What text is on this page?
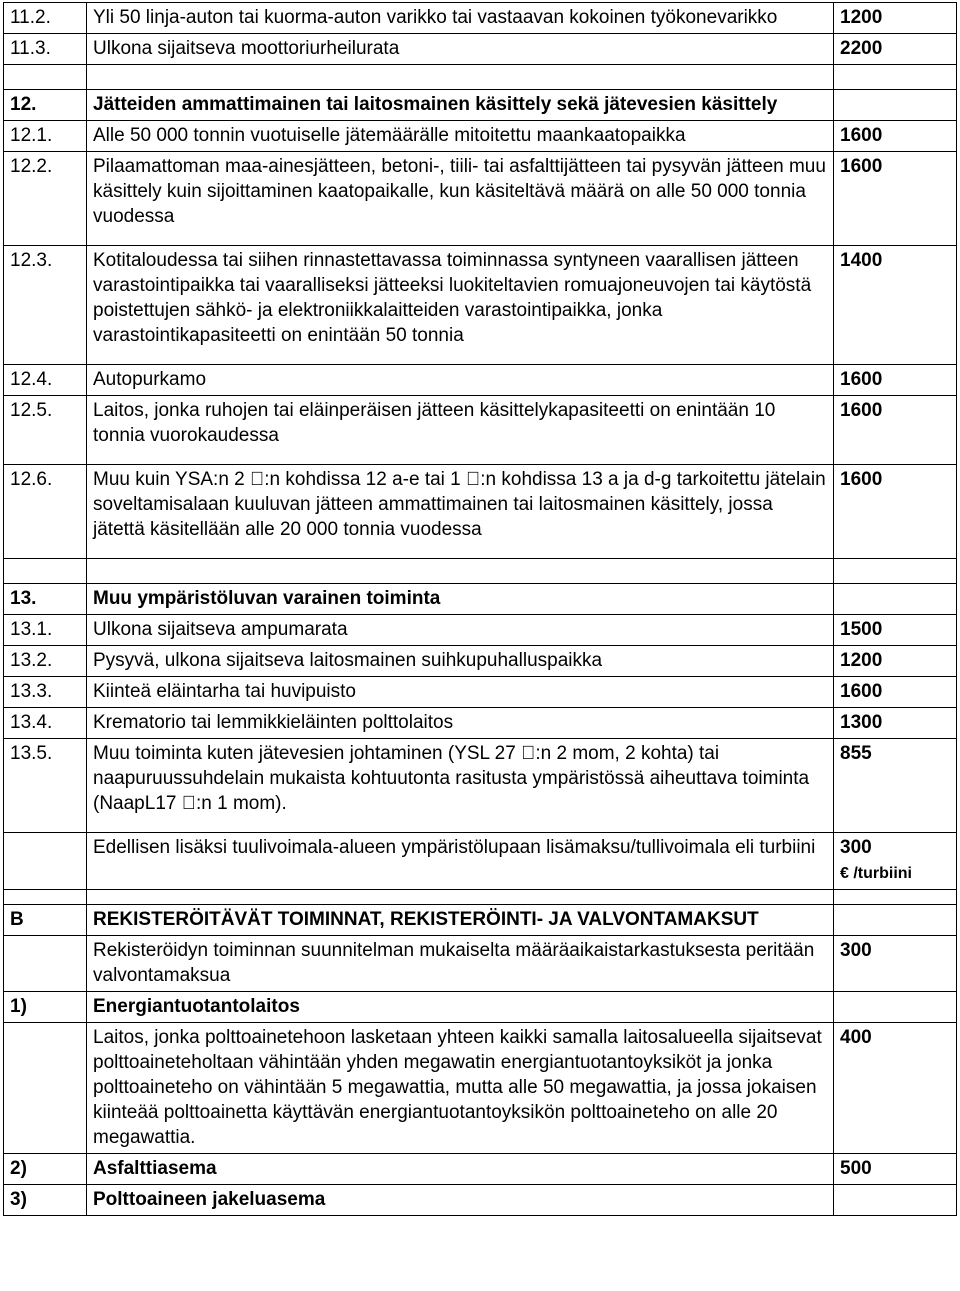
11.2.	Yli 50 linja-auton tai kuorma-auton varikko tai vastaavan kokoinen työkonevarikko	1200
11.3.	Ulkona sijaitseva moottoriurheilurata	2200

12.	Jätteiden ammattimainen tai laitosmainen käsittely sekä jätevesien käsittely	
12.1.	Alle 50 000 tonnin vuotuiselle jätemäärälle mitoitettu maankaatopaikka	1600
12.2.	Pilaamattoman maa-ainesjätteen, betoni-, tiili- tai asfalttijätteen tai pysyvän jätteen muu käsittely kuin sijoittaminen kaatopaikalle, kun käsiteltävä määrä on alle 50 000 tonnia vuodessa	1600
12.3.	Kotitaloudessa tai siihen rinnastettavassa toiminnassa syntyneen vaarallisen jätteen varastointipaikka tai vaaralliseksi jätteeksi luokiteltavien romuajoneuvojen tai käytöstä poistettujen sähkö- ja elektroniikkalaitteiden varastointipaikka, jonka varastointikapasiteetti on enintään 50 tonnia	1400
12.4.	Autopurkamo	1600
12.5.	Laitos, jonka ruhojen tai eläinperäisen jätteen käsittelykapasiteetti on enintään 10 tonnia vuorokaudessa	1600
12.6.	Muu kuin YSA:n 2 :n kohdissa 12 a-e tai 1 :n kohdissa 13 a ja d-g tarkoitettu jätelain soveltamisalaan kuuluvan jätteen ammattimainen tai laitosmainen käsittely, jossa jätettä käsitellään alle 20 000 tonnia vuodessa	1600

13.	Muu ympäristöluvan varainen toiminta	
13.1.	Ulkona sijaitseva ampumarata	1500
13.2.	Pysyvä, ulkona sijaitseva laitosmainen suihkupuhalluspaikka	1200
13.3.	Kiinteä eläintarha tai huvipuisto	1600
13.4.	Krematorio tai lemmikkieläinten polttolaitos	1300
13.5.	Muu toiminta kuten jätevesien johtaminen (YSL 27 :n 2 mom, 2 kohta) tai naapuruussuhdelain mukaista kohtuutonta rasitusta ympäristössä aiheuttava toiminta (NaapL17 :n 1 mom).	855
	Edellisen lisäksi tuulivoimala-alueen ympäristölupaan lisämaksu/tullivoimala eli turbiini	300
€ /turbiini

B	REKISTERÖITÄVÄT TOIMINNAT, REKISTERÖINTI- JA VALVONTAMAKSUT	
	Rekisteröidyn toiminnan suunnitelman mukaiselta määräaikaistarkastuksesta peritään valvontamaksua	300
1)	Energiantuotantolaitos	
	Laitos, jonka polttoainetehoon lasketaan yhteen kaikki samalla laitosalueella sijaitsevat polttoaineteholtaan vähintään yhden megawatin energiantuotantoyksiköt ja jonka polttoaineteho on vähintään 5 megawattia, mutta alle 50 megawattia, ja jossa jokaisen kiinteää polttoainetta käyttävän energiantuotantoyksikön polttoaineteho on alle 20 megawattia.	400
2)	Asfalttiasema	500
3)	Polttoaineen jakeluasema	
